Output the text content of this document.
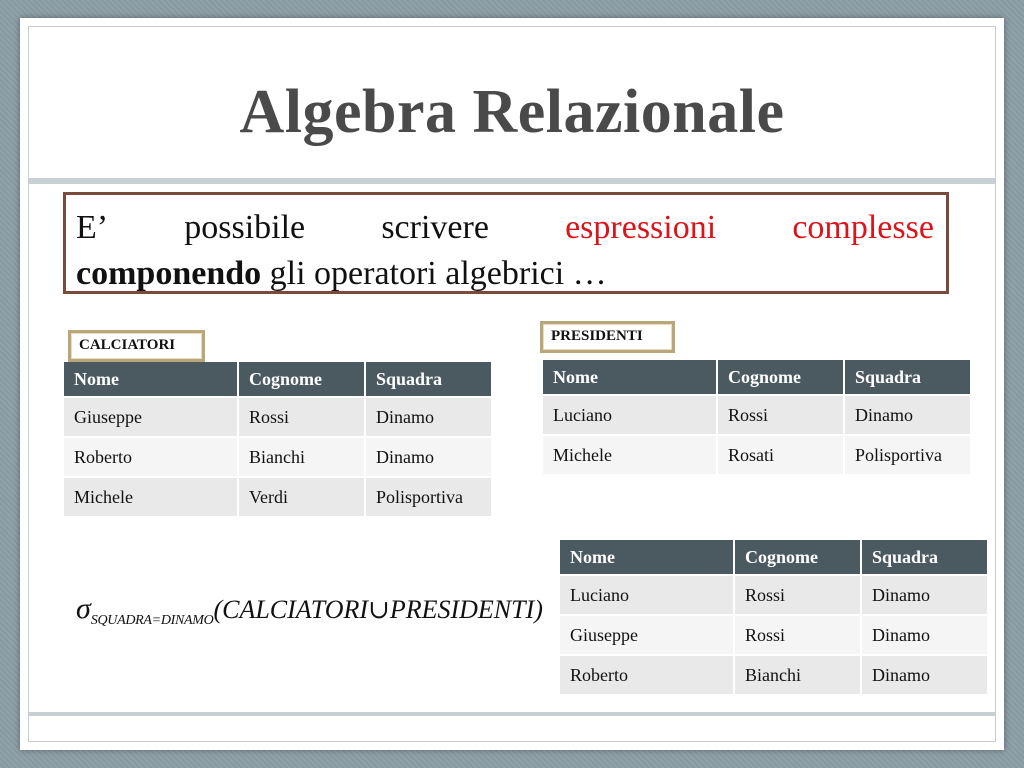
Algebra Relazionale
E’ possibile scrivere espressioni complesse
componendo gli operatori algebrici …
CALCIATORI
Nome	Cognome	Squadra
Giuseppe	Rossi	Dinamo
Roberto	Bianchi	Dinamo
Michele	Verdi	Polisportiva
PRESIDENTI
Nome	Cognome	Squadra
Luciano	Rossi	Dinamo
Michele	Rosati	Polisportiva
σSQUADRA=DINAMO(CALCIATORI∪PRESIDENTI)
Nome	Cognome	Squadra
Luciano	Rossi	Dinamo
Giuseppe	Rossi	Dinamo
Roberto	Bianchi	Dinamo
